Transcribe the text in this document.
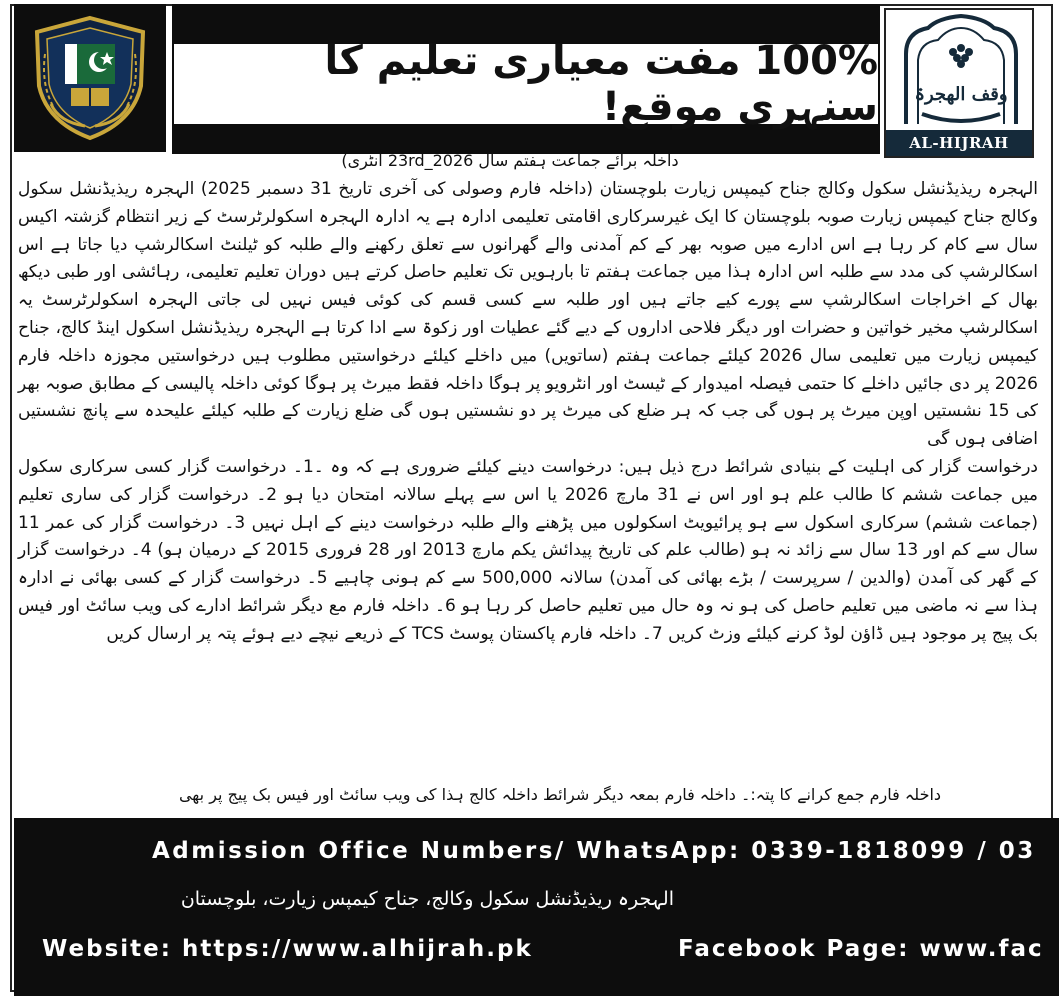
100% مفت معیاری تعلیم کا سنہری موقع! وقف الھجرۃ
AL-HIJRAH
داخلہ برائے جماعت ہفتم سال 2026_23rd انٹری)

الہجرہ ریذیڈنشل سکول وکالج جناح کیمپس زیارت بلوچستان (داخلہ فارم وصولی کی آخری تاریخ 31 دسمبر 2025) الہجرہ ریذیڈنشل سکول وکالج جناح کیمپس زیارت صوبہ بلوچستان کا ایک غیرسرکاری اقامتی تعلیمی ادارہ ہے یہ ادارہ الہجرہ اسکولرٹرسٹ کے زیر انتظام گزشتہ اکیس سال سے کام کر رہا ہے اس ادارے میں صوبہ بھر کے کم آمدنی والے گھرانوں سے تعلق رکھنے والے طلبہ کو ٹیلنٹ اسکالرشپ دیا جاتا ہے اس اسکالرشپ کی مدد سے طلبہ اس ادارہ ہذا میں جماعت ہفتم تا بارہویں تک تعلیم حاصل کرتے ہیں دوران تعلیم تعلیمی، رہائشی اور طبی دیکھ بھال کے اخراجات اسکالرشپ سے پورے کیے جاتے ہیں اور طلبہ سے کسی قسم کی کوئی فیس نہیں لی جاتی الہجرہ اسکولرٹرسٹ یہ اسکالرشپ مخیر خواتین و حضرات اور دیگر فلاحی اداروں کے دیے گئے عطیات اور زکوۃ سے ادا کرتا ہے الہجرہ ریذیڈنشل اسکول اینڈ کالج، جناح کیمپس زیارت میں تعلیمی سال 2026 کیلئے جماعت ہفتم (ساتویں) میں داخلے کیلئے درخواستیں مطلوب ہیں درخواستیں مجوزہ داخلہ فارم 2026 پر دی جائیں داخلے کا حتمی فیصلہ امیدوار کے ٹیسٹ اور انٹرویو پر ہوگا داخلہ فقط میرٹ پر ہوگا کوئی داخلہ پالیسی کے مطابق صوبہ بھر کی 15 نشستیں اوپن میرٹ پر ہوں گی جب کہ ہر ضلع کی میرٹ پر دو نشستیں ہوں گی ضلع زیارت کے طلبہ کیلئے علیحدہ سے پانچ نشستیں اضافی ہوں گی

درخواست گزار کی اہلیت کے بنیادی شرائط درج ذیل ہیں: درخواست دینے کیلئے ضروری ہے کہ وہ ۔1۔ درخواست گزار کسی سرکاری سکول میں جماعت ششم کا طالب علم ہو اور اس نے 31 مارچ 2026 یا اس سے پہلے سالانہ امتحان دیا ہو 2۔ درخواست گزار کی ساری تعلیم (جماعت ششم) سرکاری اسکول سے ہو پرائیویٹ اسکولوں میں پڑھنے والے طلبہ درخواست دینے کے اہل نہیں 3۔ درخواست گزار کی عمر 11 سال سے کم اور 13 سال سے زائد نہ ہو (طالب علم کی تاریخ پیدائش یکم مارچ 2013 اور 28 فروری 2015 کے درمیان ہو) 4۔ درخواست گزار کے گھر کی آمدن (والدین / سرپرست / بڑے بھائی کی آمدن) سالانہ 500,000 سے کم ہونی چاہیے 5۔ درخواست گزار کے کسی بھائی نے ادارہ ہذا سے نہ ماضی میں تعلیم حاصل کی ہو نہ وہ حال میں تعلیم حاصل کر رہا ہو 6۔ داخلہ فارم مع دیگر شرائط ادارے کی ویب سائٹ اور فیس بک پیج پر موجود ہیں ڈاؤن لوڈ کرنے کیلئے وزٹ کریں 7۔ داخلہ فارم پاکستان پوسٹ TCS کے ذریعے نیچے دیے ہوئے پتہ پر ارسال کریں

داخلہ فارم جمع کرانے کا پتہ:۔ داخلہ فارم بمعہ دیگر شرائط داخلہ کالج ہذا کی ویب سائٹ اور فیس بک پیج پر بھی
Admission Office Numbers/ WhatsApp: 0339-1818099 / 03
الہجرہ ریذیڈنشل سکول وکالج، جناح کیمپس زیارت، بلوچستان
Website: https://www.alhijrah.pk	Facebook Page: www.fac
